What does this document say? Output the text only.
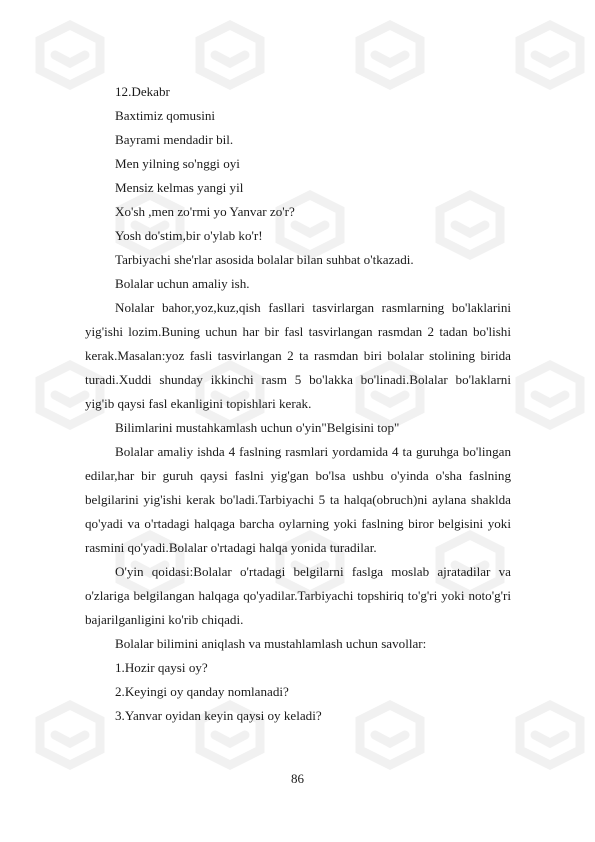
12.Dekabr
Baxtimiz qomusini
Bayrami mendadir bil.
Men yilning so'nggi oyi
Mensiz kelmas yangi yil
Xo'sh ,men zo'rmi yo Yanvar zo'r?
Yosh do'stim,bir o'ylab ko'r!
Tarbiyachi she'rlar asosida bolalar bilan suhbat o'tkazadi.
Bolalar uchun amaliy ish.

Nolalar bahor,yoz,kuz,qish fasllari tasvirlargan rasmlarning bo'laklarini yig'ishi lozim.Buning uchun har bir fasl tasvirlangan rasmdan 2 tadan bo'lishi kerak.Masalan:yoz fasli tasvirlangan 2 ta rasmdan biri bolalar stolining birida turadi.Xuddi shunday ikkinchi rasm 5 bo'lakka bo'linadi.Bolalar bo'laklarni yig'ib qaysi fasl ekanligini topishlari kerak.

Bilimlarini mustahkamlash uchun o'yin"Belgisini top"

Bolalar amaliy ishda 4 faslning rasmlari yordamida 4 ta guruhga bo'lingan edilar,har bir guruh qaysi faslni yig'gan bo'lsa ushbu o'yinda o'sha faslning belgilarini yig'ishi kerak bo'ladi.Tarbiyachi 5 ta halqa(obruch)ni aylana shaklda qo'yadi va o'rtadagi halqaga barcha oylarning yoki faslning biror belgisini yoki rasmini qo'yadi.Bolalar o'rtadagi halqa yonida turadilar.

O'yin qoidasi:Bolalar o'rtadagi belgilarni faslga moslab ajratadilar va o'zlariga belgilangan halqaga qo'yadilar.Tarbiyachi topshiriq to'g'ri yoki noto'g'ri bajarilganligini ko'rib chiqadi.

Bolalar bilimini aniqlash va mustahlamlash uchun savollar:
1.Hozir qaysi oy?
2.Keyingi oy qanday nomlanadi?
3.Yanvar oyidan keyin qaysi oy keladi?
86
